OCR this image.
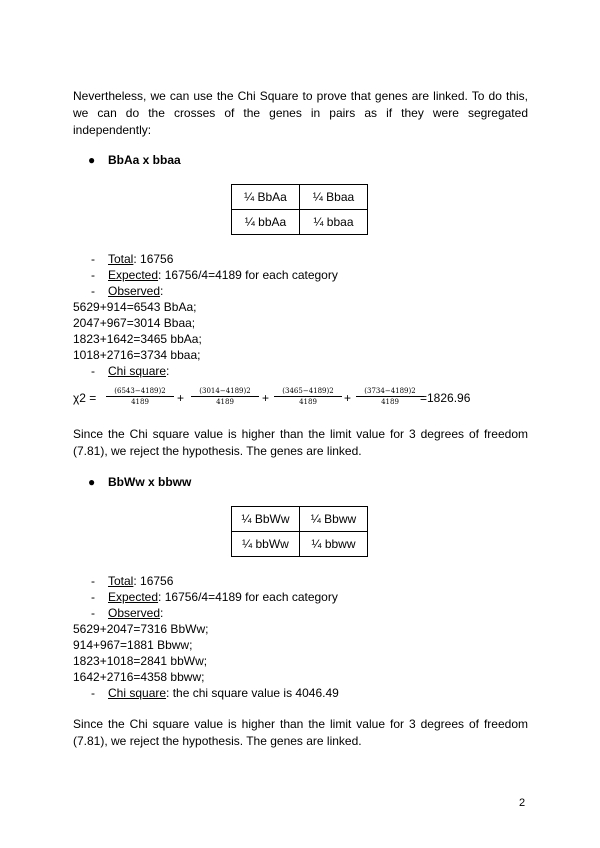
Nevertheless, we can use the Chi Square to prove that genes are linked. To do this, we can do the crosses of the genes in pairs as if they were segregated independently:

● BbAa x bbaa
¼ BbAa	¼ Bbaa
¼ bbAa	¼ bbaa
- Total: 16756
- Expected: 16756/4=4189 for each category
- Observed:
5629+914=6543 BbAa;
2047+967=3014 Bbaa;
1823+1642=3465 bbAa;
1018+2716=3734 bbaa;
- Chi square:
$\chi 2 = \frac{(6543-4189)2}{4189} + \frac{(3014-4189)2}{4189} + \frac{(3465-4189)2}{4189} + \frac{(3734-4189)2}{4189}$
=1826.96

Since the Chi square value is higher than the limit value for 3 degrees of freedom (7.81), we reject the hypothesis. The genes are linked.

● BbWw x bbww
¼ BbWw	¼ Bbww
¼ bbWw	¼ bbww
- Total: 16756
- Expected: 16756/4=4189 for each category
- Observed:
5629+2047=7316 BbWw;
914+967=1881 Bbww;
1823+1018=2841 bbWw;
1642+2716=4358 bbww;
- Chi square: the chi square value is 4046.49

Since the Chi square value is higher than the limit value for 3 degrees of freedom (7.81), we reject the hypothesis. The genes are linked.

2
